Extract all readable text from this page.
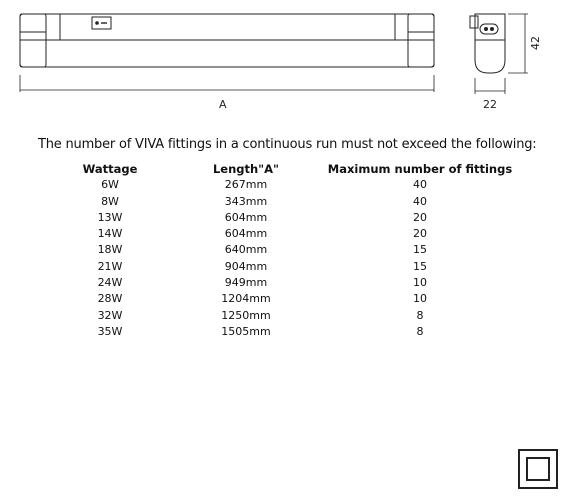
A	22
42
The number of VIVA fittings in a continuous run must not exceed the following:
Wattage	Length"A"	Maximum number of fittings
6W	267mm	40
8W	343mm	40
13W	604mm	20
14W	604mm	20
18W	640mm	15
21W	904mm	15
24W	949mm	10
28W	1204mm	10
32W	1250mm	8
35W	1505mm	8
